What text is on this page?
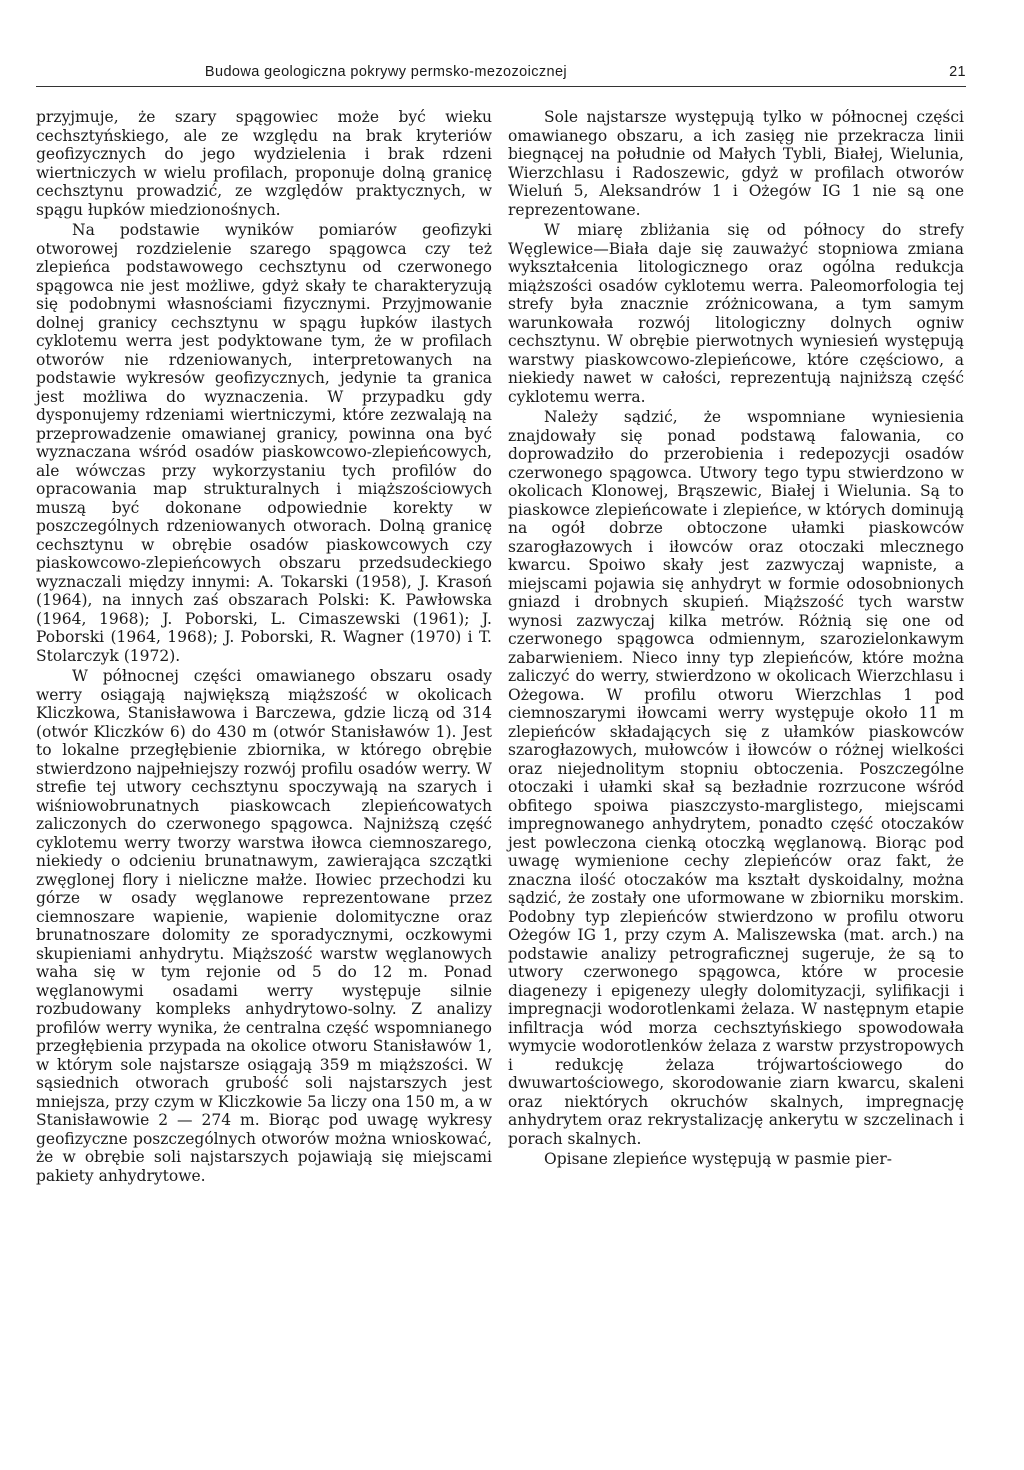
Budowa geologiczna pokrywy permsko-mezozoicznej	21

przyjmuje, że szary spągowiec może być wieku cechsztyńskiego, ale ze względu na brak kryteriów geofizycznych do jego wydzielenia i brak rdzeni wiertniczych w wielu profilach, proponuje dolną granicę cechsztynu prowadzić, ze względów praktycznych, w spągu łupków miedzionośnych.

Na podstawie wyników pomiarów geofizyki otworowej rozdzielenie szarego spągowca czy też zlepieńca podstawowego cechsztynu od czerwonego spągowca nie jest możliwe, gdyż skały te charakteryzują się podobnymi własnościami fizycznymi. Przyjmowanie dolnej granicy cechsztynu w spągu łupków ilastych cyklotemu werra jest podyktowane tym, że w profilach otworów nie rdzeniowanych, interpretowanych na podstawie wykresów geofizycznych, jedynie ta granica jest możliwa do wyznaczenia. W przypadku gdy dysponujemy rdzeniami wiertniczymi, które zezwalają na przeprowadzenie omawianej granicy, powinna ona być wyznaczana wśród osadów piaskowcowo-zlepieńcowych, ale wówczas przy wykorzystaniu tych profilów do opracowania map strukturalnych i miąższościowych muszą być dokonane odpowiednie korekty w poszczególnych rdzeniowanych otworach. Dolną granicę cechsztynu w obrębie osadów piaskowcowych czy piaskowcowo-zlepieńcowych obszaru przedsudeckiego wyznaczali między innymi: A. Tokarski (1958), J. Krasoń (1964), na innych zaś obszarach Polski: K. Pawłowska (1964, 1968); J. Poborski, L. Cimaszewski (1961); J. Poborski (1964, 1968); J. Poborski, R. Wagner (1970) i T. Stolarczyk (1972).

W północnej części omawianego obszaru osady werry osiągają największą miąższość w okolicach Kliczkowa, Stanisławowa i Barczewa, gdzie liczą od 314 (otwór Kliczków 6) do 430 m (otwór Stanisławów 1). Jest to lokalne przegłębienie zbiornika, w którego obrębie stwierdzono najpełniejszy rozwój profilu osadów werry. W strefie tej utwory cechsztynu spoczywają na szarych i wiśniowobrunatnych piaskowcach zlepieńcowatych zaliczonych do czerwonego spągowca. Najniższą część cyklotemu werry tworzy warstwa iłowca ciemnoszarego, niekiedy o odcieniu brunatnawym, zawierająca szczątki zwęglonej flory i nieliczne małże. Iłowiec przechodzi ku górze w osady węglanowe reprezentowane przez ciemnoszare wapienie, wapienie dolomityczne oraz brunatnoszare dolomity ze sporadycznymi, oczkowymi skupieniami anhydrytu. Miąższość warstw węglanowych waha się w tym rejonie od 5 do 12 m. Ponad węglanowymi osadami werry występuje silnie rozbudowany kompleks anhydrytowo-solny. Z analizy profilów werry wynika, że centralna część wspomnianego przegłębienia przypada na okolice otworu Stanisławów 1, w którym sole najstarsze osiągają 359 m miąższości. W sąsiednich otworach grubość soli najstarszych jest mniejsza, przy czym w Kliczkowie 5a liczy ona 150 m, a w Stanisławowie 2 — 274 m. Biorąc pod uwagę wykresy geofizyczne poszczególnych otworów można wnioskować, że w obrębie soli najstarszych pojawiają się miejscami pakiety anhydrytowe.

Sole najstarsze występują tylko w północnej części omawianego obszaru, a ich zasięg nie przekracza linii biegnącej na południe od Małych Tybli, Białej, Wielunia, Wierzchlasu i Radoszewic, gdyż w profilach otworów Wieluń 5, Aleksandrów 1 i Ożegów IG 1 nie są one reprezentowane.

W miarę zbliżania się od północy do strefy Węglewice—Biała daje się zauważyć stopniowa zmiana wykształcenia litologicznego oraz ogólna redukcja miąższości osadów cyklotemu werra. Paleomorfologia tej strefy była znacznie zróżnicowana, a tym samym warunkowała rozwój litologiczny dolnych ogniw cechsztynu. W obrębie pierwotnych wyniesień występują warstwy piaskowcowo-zlepieńcowe, które częściowo, a niekiedy nawet w całości, reprezentują najniższą część cyklotemu werra.

Należy sądzić, że wspomniane wyniesienia znajdowały się ponad podstawą falowania, co doprowadziło do przerobienia i redepozycji osadów czerwonego spągowca. Utwory tego typu stwierdzono w okolicach Klonowej, Brąszewic, Białej i Wielunia. Są to piaskowce zlepieńcowate i zlepieńce, w których dominują na ogół dobrze obtoczone ułamki piaskowców szarogłazowych i iłowców oraz otoczaki mlecznego kwarcu. Spoiwo skały jest zazwyczaj wapniste, a miejscami pojawia się anhydryt w formie odosobnionych gniazd i drobnych skupień. Miąższość tych warstw wynosi zazwyczaj kilka metrów. Różnią się one od czerwonego spągowca odmiennym, szarozielonkawym zabarwieniem. Nieco inny typ zlepieńców, które można zaliczyć do werry, stwierdzono w okolicach Wierzchlasu i Ożegowa. W profilu otworu Wierzchlas 1 pod ciemnoszarymi iłowcami werry występuje około 11 m zlepieńców składających się z ułamków piaskowców szarogłazowych, mułowców i iłowców o różnej wielkości oraz niejednolitym stopniu obtoczenia. Poszczególne otoczaki i ułamki skał są bezładnie rozrzucone wśród obfitego spoiwa piaszczysto-marglistego, miejscami impregnowanego anhydrytem, ponadto część otoczaków jest powleczona cienką otoczką węglanową. Biorąc pod uwagę wymienione cechy zlepieńców oraz fakt, że znaczna ilość otoczaków ma kształt dyskoidalny, można sądzić, że zostały one uformowane w zbiorniku morskim. Podobny typ zlepieńców stwierdzono w profilu otworu Ożegów IG 1, przy czym A. Maliszewska (mat. arch.) na podstawie analizy petrograficznej sugeruje, że są to utwory czerwonego spągowca, które w procesie diagenezy i epigenezy uległy dolomityzacji, sylifikacji i impregnacji wodorotlenkami żelaza. W następnym etapie infiltracja wód morza cechsztyńskiego spowodowała wymycie wodorotlenków żelaza z warstw przystropowych i redukcję żelaza trójwartościowego do dwuwartościowego, skorodowanie ziarn kwarcu, skaleni oraz niektórych okruchów skalnych, impregnację anhydrytem oraz rekrystalizację ankerytu w szczelinach i porach skalnych.

Opisane zlepieńce występują w pasmie pier-
